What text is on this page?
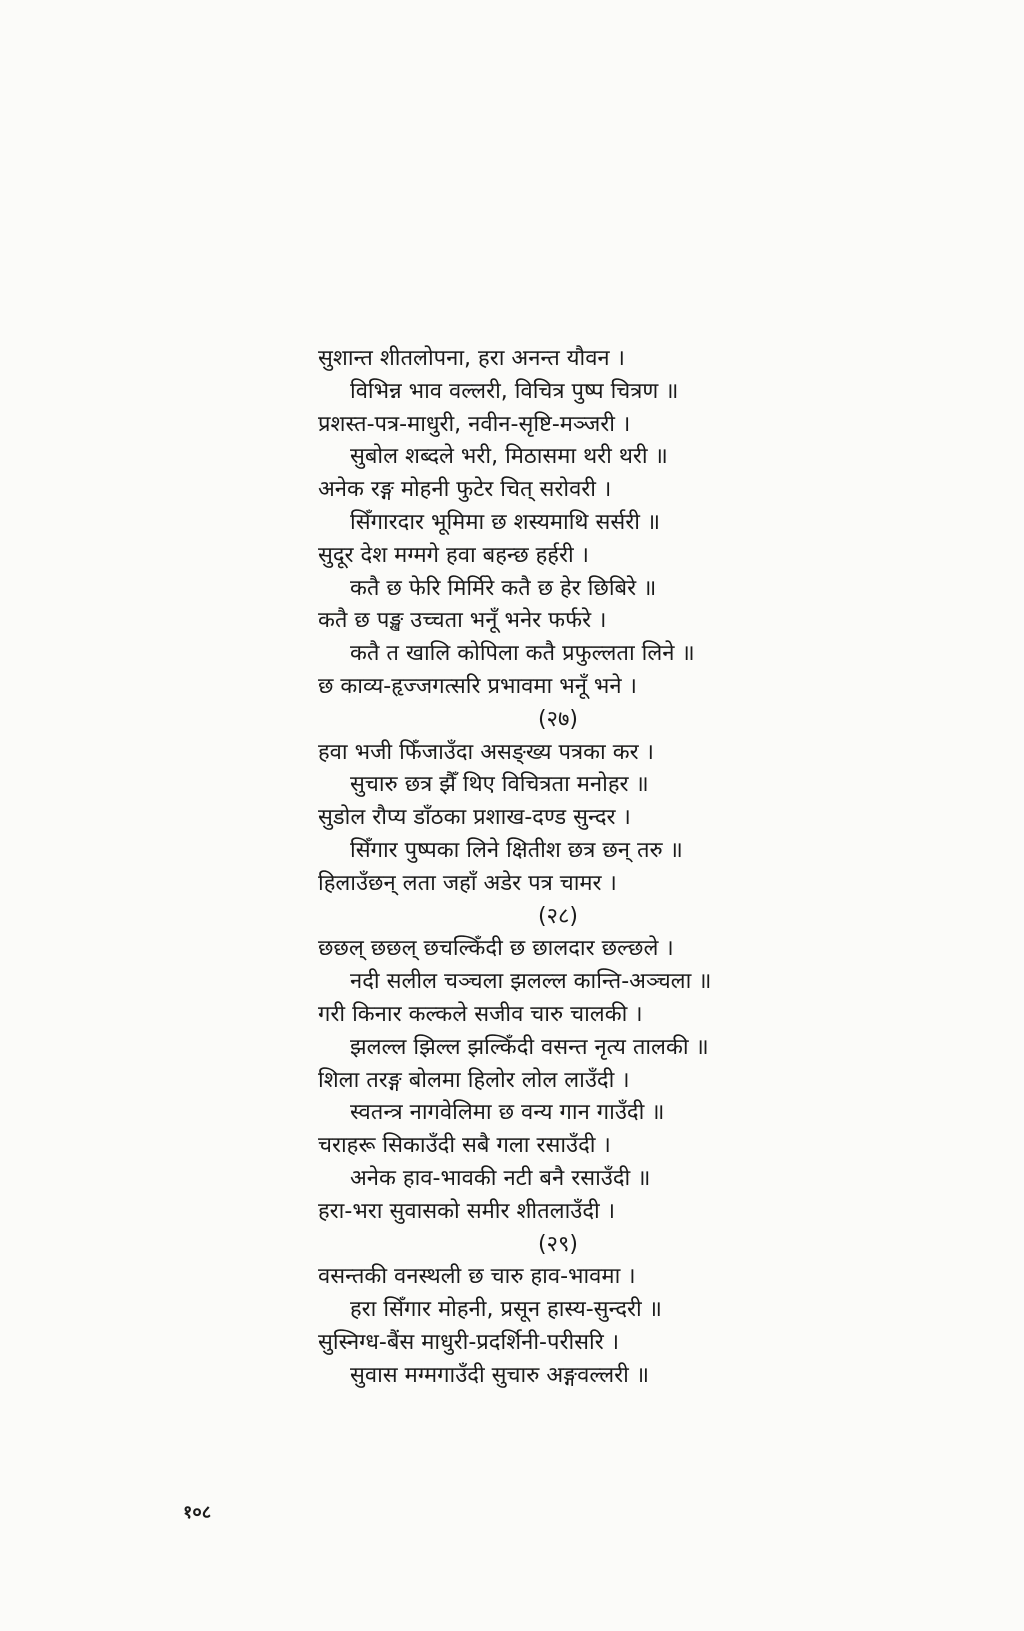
सुशान्त शीतलोपना, हरा अनन्त यौवन ।
विभिन्न भाव वल्लरी, विचित्र पुष्प चित्रण ॥
प्रशस्त-पत्र-माधुरी, नवीन-सृष्टि-मञ्जरी ।
सुबोल शब्दले भरी, मिठासमा थरी थरी ॥
अनेक रङ्ग मोहनी फुटेर चित् सरोवरी ।
सिँगारदार भूमिमा छ शस्यमाथि सर्सरी ॥
सुदूर देश मग्मगे हवा बहन्छ हर्हरी ।
कतै छ फेरि मिर्मिरे कतै छ हेर छिबिरे ॥
कतै छ पङ्ख उच्चता भनूँ भनेर फर्फरे ।
कतै त खालि कोपिला कतै प्रफुल्लता लिने ॥
छ काव्य-हृज्जगत्सरि प्रभावमा भनूँ भने ।
(२७)
हवा भजी फिँजाउँदा असङ्ख्य पत्रका कर ।
सुचारु छत्र झैँ थिए विचित्रता मनोहर ॥
सुडोल रौप्य डाँठका प्रशाख-दण्ड सुन्दर ।
सिँगार पुष्पका लिने क्षितीश छत्र छन् तरु ॥
हिलाउँछन् लता जहाँ अडेर पत्र चामर ।
(२८)
छछल् छछल् छचल्किँदी छ छालदार छल्छले ।
नदी सलील चञ्चला झलल्ल कान्ति-अञ्चला ॥
गरी किनार कल्कले सजीव चारु चालकी ।
झलल्ल झिल्ल झल्किँदी वसन्त नृत्य तालकी ॥
शिला तरङ्ग बोलमा हिलोर लोल लाउँदी ।
स्वतन्त्र नागवेलिमा छ वन्य गान गाउँदी ॥
चराहरू सिकाउँदी सबै गला रसाउँदी ।
अनेक हाव-भावकी नटी बनै रसाउँदी ॥
हरा-भरा सुवासको समीर शीतलाउँदी ।
(२९)
वसन्तकी वनस्थली छ चारु हाव-भावमा ।
हरा सिँगार मोहनी, प्रसून हास्य-सुन्दरी ॥
सुस्निग्ध-बैंस माधुरी-प्रदर्शिनी-परीसरि ।
सुवास मग्मगाउँदी सुचारु अङ्गवल्लरी ॥
१०८
